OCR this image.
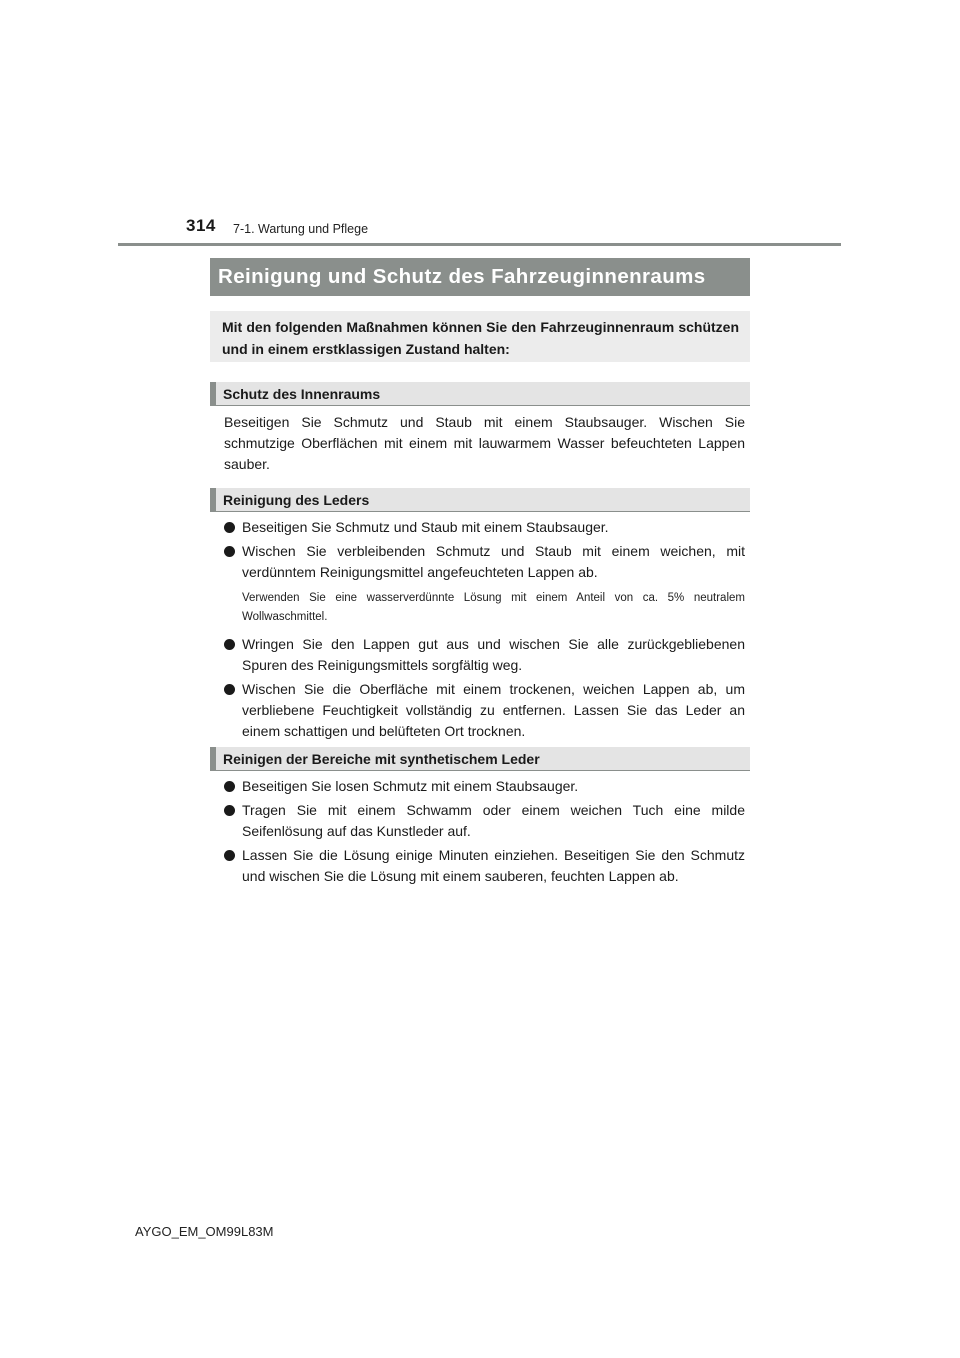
314 7-1. Wartung und Pflege
Reinigung und Schutz des Fahrzeuginnenraums
Mit den folgenden Maßnahmen können Sie den Fahrzeuginnenraum schützen und in einem erstklassigen Zustand halten:
Schutz des Innenraums
Beseitigen Sie Schmutz und Staub mit einem Staubsauger. Wischen Sie schmutzige Oberflächen mit einem mit lauwarmem Wasser befeuchteten Lappen sauber.
Reinigung des Leders
Beseitigen Sie Schmutz und Staub mit einem Staubsauger.
Wischen Sie verbleibenden Schmutz und Staub mit einem weichen, mit verdünntem Reinigungsmittel angefeuchteten Lappen ab.
Verwenden Sie eine wasserverdünnte Lösung mit einem Anteil von ca. 5% neutralem Wollwaschmittel.
Wringen Sie den Lappen gut aus und wischen Sie alle zurückgebliebenen Spuren des Reinigungsmittels sorgfältig weg.
Wischen Sie die Oberfläche mit einem trockenen, weichen Lappen ab, um verbliebene Feuchtigkeit vollständig zu entfernen. Lassen Sie das Leder an einem schattigen und belüfteten Ort trocknen.
Reinigen der Bereiche mit synthetischem Leder
Beseitigen Sie losen Schmutz mit einem Staubsauger.
Tragen Sie mit einem Schwamm oder einem weichen Tuch eine milde Seifenlösung auf das Kunstleder auf.
Lassen Sie die Lösung einige Minuten einziehen. Beseitigen Sie den Schmutz und wischen Sie die Lösung mit einem sauberen, feuchten Lappen ab.
AYGO_EM_OM99L83M
